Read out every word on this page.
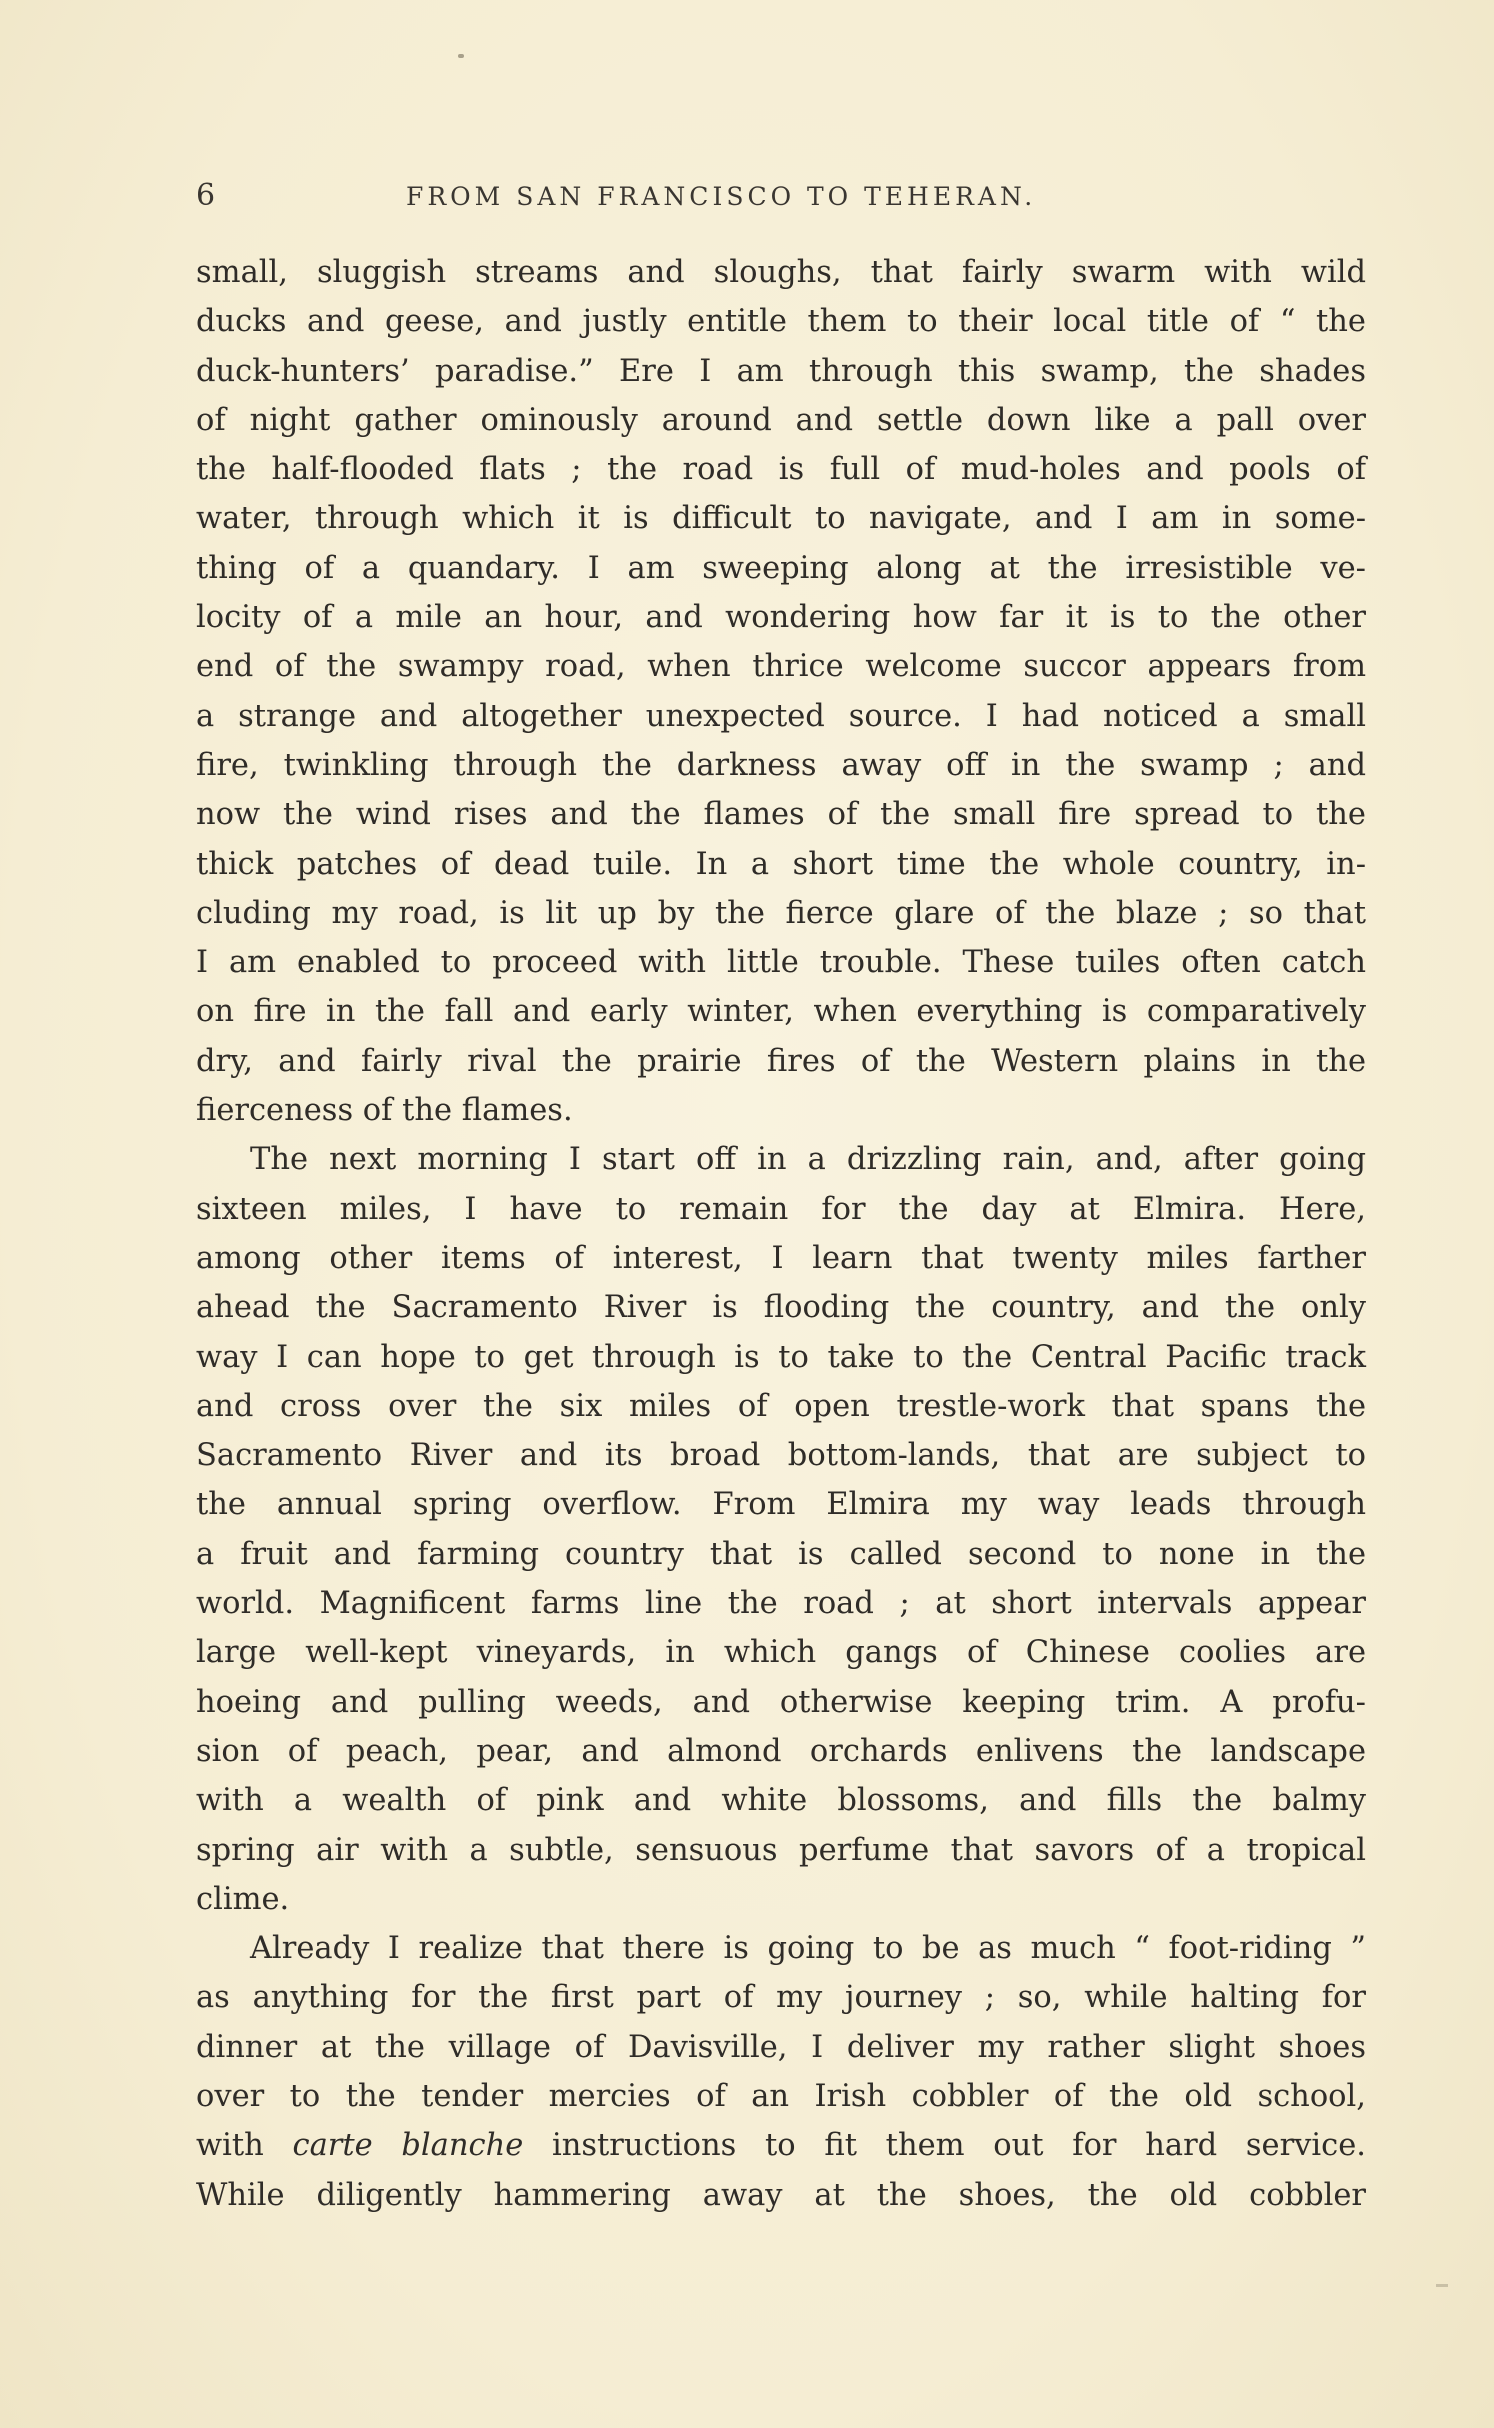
6	FROM SAN FRANCISCO TO TEHERAN.
small, sluggish streams and sloughs, that fairly swarm with wild
ducks and geese, and justly entitle them to their local title of “ the
duck-hunters’ paradise.” Ere I am through this swamp, the shades
of night gather ominously around and settle down like a pall over
the half-flooded flats ; the road is full of mud-holes and pools of
water, through which it is difficult to navigate, and I am in some-
thing of a quandary. I am sweeping along at the irresistible ve-
locity of a mile an hour, and wondering how far it is to the other
end of the swampy road, when thrice welcome succor appears from
a strange and altogether unexpected source. I had noticed a small
fire, twinkling through the darkness away off in the swamp ; and
now the wind rises and the flames of the small fire spread to the
thick patches of dead tuile. In a short time the whole country, in-
cluding my road, is lit up by the fierce glare of the blaze ; so that
I am enabled to proceed with little trouble. These tuiles often catch
on fire in the fall and early winter, when everything is comparatively
dry, and fairly rival the prairie fires of the Western plains in the
fierceness of the flames.
The next morning I start off in a drizzling rain, and, after going
sixteen miles, I have to remain for the day at Elmira. Here,
among other items of interest, I learn that twenty miles farther
ahead the Sacramento River is flooding the country, and the only
way I can hope to get through is to take to the Central Pacific track
and cross over the six miles of open trestle-work that spans the
Sacramento River and its broad bottom-lands, that are subject to
the annual spring overflow. From Elmira my way leads through
a fruit and farming country that is called second to none in the
world. Magnificent farms line the road ; at short intervals appear
large well-kept vineyards, in which gangs of Chinese coolies are
hoeing and pulling weeds, and otherwise keeping trim. A profu-
sion of peach, pear, and almond orchards enlivens the landscape
with a wealth of pink and white blossoms, and fills the balmy
spring air with a subtle, sensuous perfume that savors of a tropical
clime.
Already I realize that there is going to be as much “ foot-riding ”
as anything for the first part of my journey ; so, while halting for
dinner at the village of Davisville, I deliver my rather slight shoes
over to the tender mercies of an Irish cobbler of the old school,
with carte blanche instructions to fit them out for hard service.
While diligently hammering away at the shoes, the old cobbler
